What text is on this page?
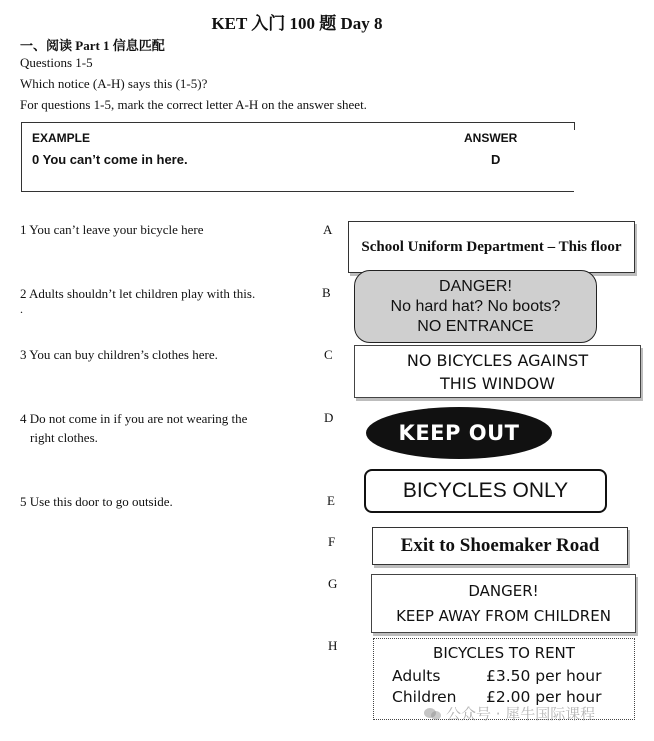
KET 入门 100 题 Day 8
一、阅读 Part 1 信息匹配
Questions 1-5
Which notice (A-H) says this (1-5)?
For questions 1-5, mark the correct letter A-H on the answer sheet.
EXAMPLE	ANSWER
0 You can’t come in here.	D
1 You can’t leave your bicycle here
2 Adults shouldn’t let children play with this.
.
3 You can buy children’s clothes here.
4 Do not come in if you are not wearing the
right clothes.
5 Use this door to go outside.
A
B
C
D
E
F
G
H
School Uniform Department – This floor
DANGER!
No hard hat? No boots?
NO ENTRANCE
NO BICYCLES AGAINST
THIS WINDOW
KEEP OUT
BICYCLES ONLY
Exit to Shoemaker Road
DANGER!
KEEP AWAY FROM CHILDREN
BICYCLES TO RENT
Adults	£3.50 per hour
Children	£2.00 per hour
公众号 · 犀牛国际课程
